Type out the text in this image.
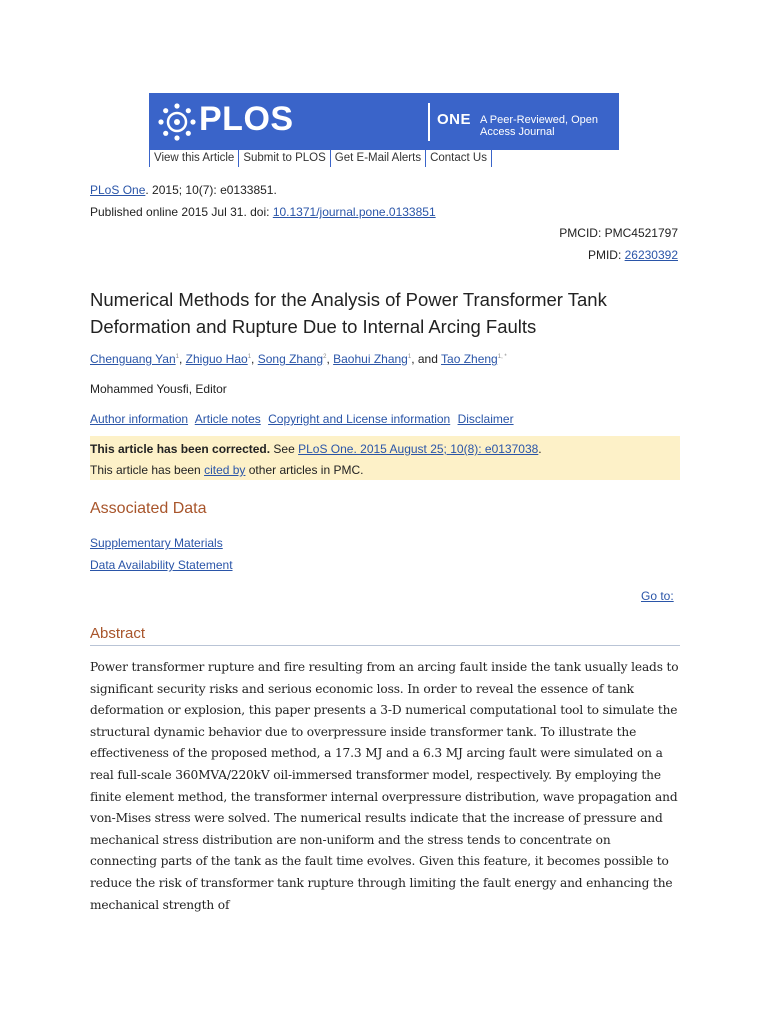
PLOS	ONE A Peer-Reviewed, Open Access Journal
View this Article Submit to PLOS Get E-Mail Alerts Contact Us
PLoS One. 2015; 10(7): e0133851.
Published online 2015 Jul 31. doi: 10.1371/journal.pone.0133851
PMCID: PMC4521797
PMID: 26230392
Numerical Methods for the Analysis of Power Transformer Tank Deformation and Rupture Due to Internal Arcing Faults
Chenguang Yan$^1$, Zhiguo Hao$^1$, Song Zhang$^2$, Baohui Zhang$^1$, and Tao Zheng$^{1, *}$
Mohammed Yousfi, Editor
Author information Article notes Copyright and License information Disclaimer
This article has been corrected. See PLoS One. 2015 August 25; 10(8): e0137038.
This article has been cited by other articles in PMC.
Associated Data
Supplementary Materials
Data Availability Statement
Go to:
Abstract
Power transformer rupture and fire resulting from an arcing fault inside the tank usually leads to significant security risks and serious economic loss. In order to reveal the essence of tank deformation or explosion, this paper presents a 3-D numerical computational tool to simulate the structural dynamic behavior due to overpressure inside transformer tank. To illustrate the effectiveness of the proposed method, a 17.3 MJ and a 6.3 MJ arcing fault were simulated on a real full-scale 360MVA/220kV oil-immersed transformer model, respectively. By employing the finite element method, the transformer internal overpressure distribution, wave propagation and von-Mises stress were solved. The numerical results indicate that the increase of pressure and mechanical stress distribution are non-uniform and the stress tends to concentrate on connecting parts of the tank as the fault time evolves. Given this feature, it becomes possible to reduce the risk of transformer tank rupture through limiting the fault energy and enhancing the mechanical strength of
